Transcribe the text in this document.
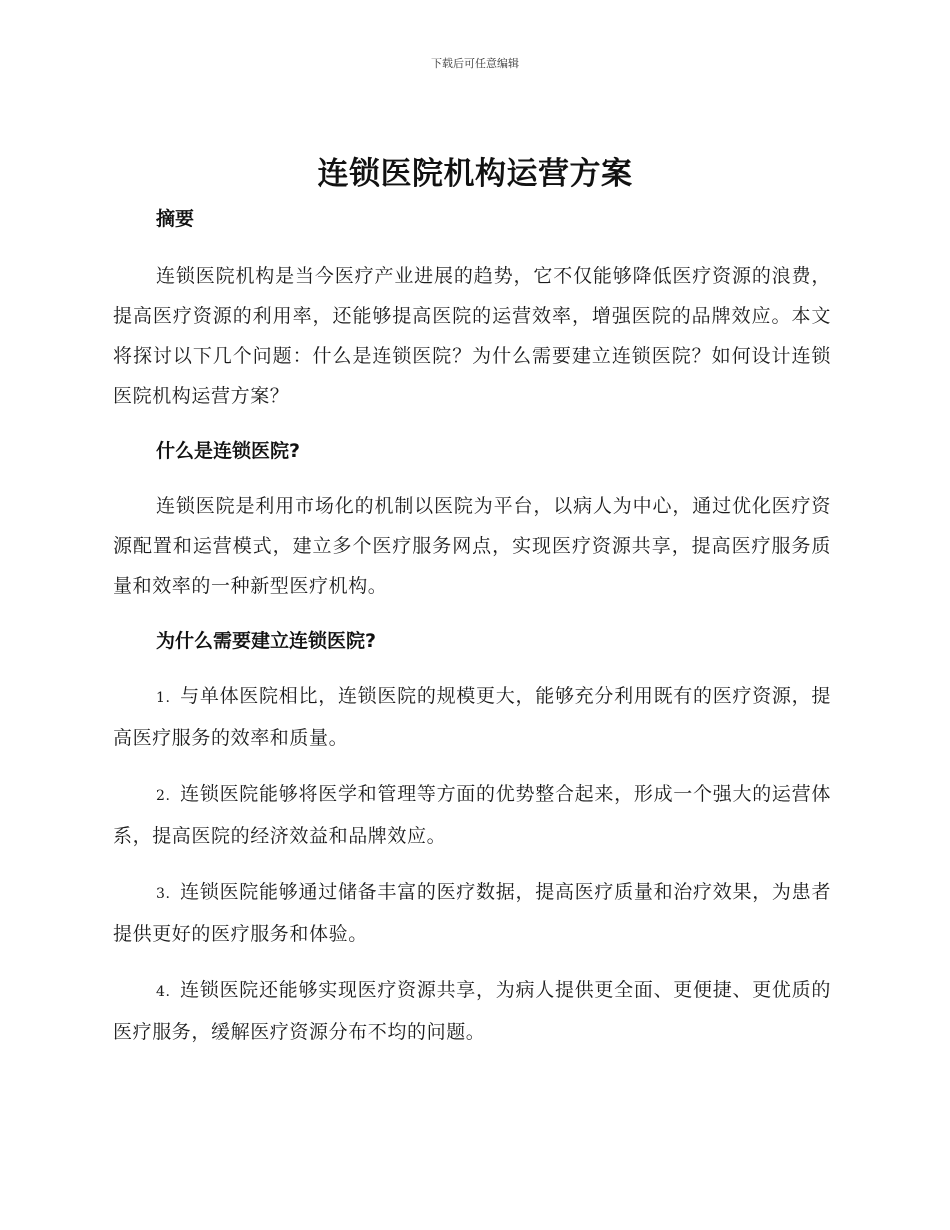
下载后可任意编辑
连锁医院机构运营方案

摘要

连锁医院机构是当今医疗产业进展的趋势，它不仅能够降低医疗资源的浪费，提高医疗资源的利用率，还能够提高医院的运营效率，增强医院的品牌效应。本文将探讨以下几个问题：什么是连锁医院？为什么需要建立连锁医院？如何设计连锁医院机构运营方案？

什么是连锁医院?

连锁医院是利用市场化的机制以医院为平台，以病人为中心，通过优化医疗资源配置和运营模式，建立多个医疗服务网点，实现医疗资源共享，提高医疗服务质量和效率的一种新型医疗机构。

为什么需要建立连锁医院?

1. 与单体医院相比，连锁医院的规模更大，能够充分利用既有的医疗资源，提高医疗服务的效率和质量。

2. 连锁医院能够将医学和管理等方面的优势整合起来，形成一个强大的运营体系，提高医院的经济效益和品牌效应。

3. 连锁医院能够通过储备丰富的医疗数据，提高医疗质量和治疗效果，为患者提供更好的医疗服务和体验。

4. 连锁医院还能够实现医疗资源共享，为病人提供更全面、更便捷、更优质的医疗服务，缓解医疗资源分布不均的问题。
